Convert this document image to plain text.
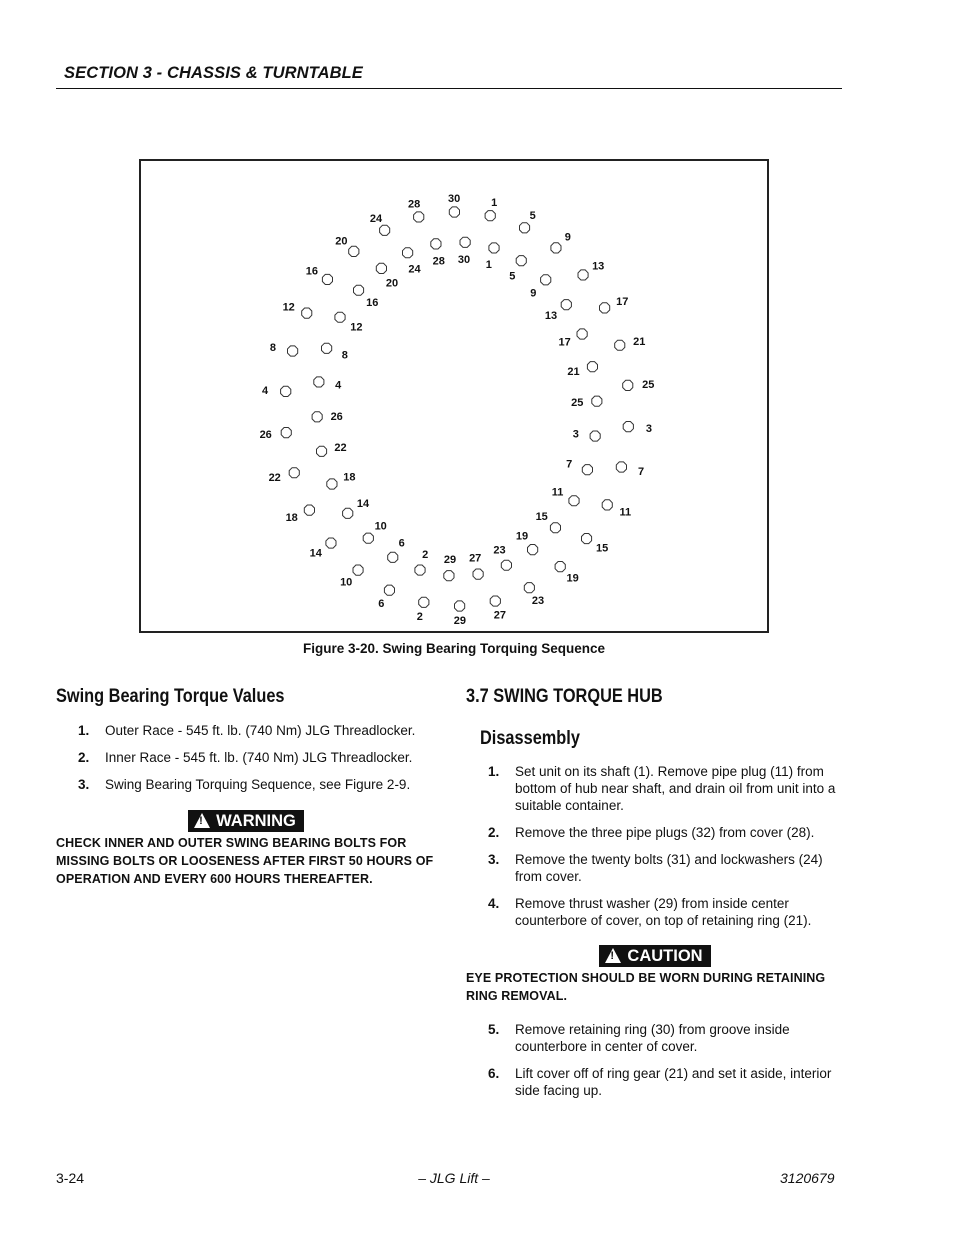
SECTION 3 - CHASSIS & TURNTABLE
30	1
5
9
13
17
21
25
3
7
11
15
19
23
27
29
2
6
10
14
18
22
26
4
8
12
16
20
24
28
30 1
5
9
13
17
21
25
3
7
11
15
19
23
27
29
2
6
10
14
18
22
26
4
8
12
16
20
24
28
Figure 3-20. Swing Bearing Torquing Sequence
Swing Bearing Torque Values
1. Outer Race - 545 ft. lb. (740 Nm) JLG Threadlocker.
2. Inner Race - 545 ft. lb. (740 Nm) JLG Threadlocker.
3. Swing Bearing Torquing Sequence, see Figure 2-9.
!WARNING
CHECK INNER AND OUTER SWING BEARING BOLTS FOR MISSING BOLTS OR LOOSENESS AFTER FIRST 50 HOURS OF OPERATION AND EVERY 600 HOURS THEREAFTER.
3.7 SWING TORQUE HUB
Disassembly
1. Set unit on its shaft (1). Remove pipe plug (11) from bottom of hub near shaft, and drain oil from unit into a suitable container.
2. Remove the three pipe plugs (32) from cover (28).
3. Remove the twenty bolts (31) and lockwashers (24) from cover.
4. Remove thrust washer (29) from inside center counterbore of cover, on top of retaining ring (21).
!CAUTION
EYE PROTECTION SHOULD BE WORN DURING RETAINING RING REMOVAL.
5. Remove retaining ring (30) from groove inside counterbore in center of cover.
6. Lift cover off of ring gear (21) and set it aside, interior side facing up.
3-24	– JLG Lift –	3120679
